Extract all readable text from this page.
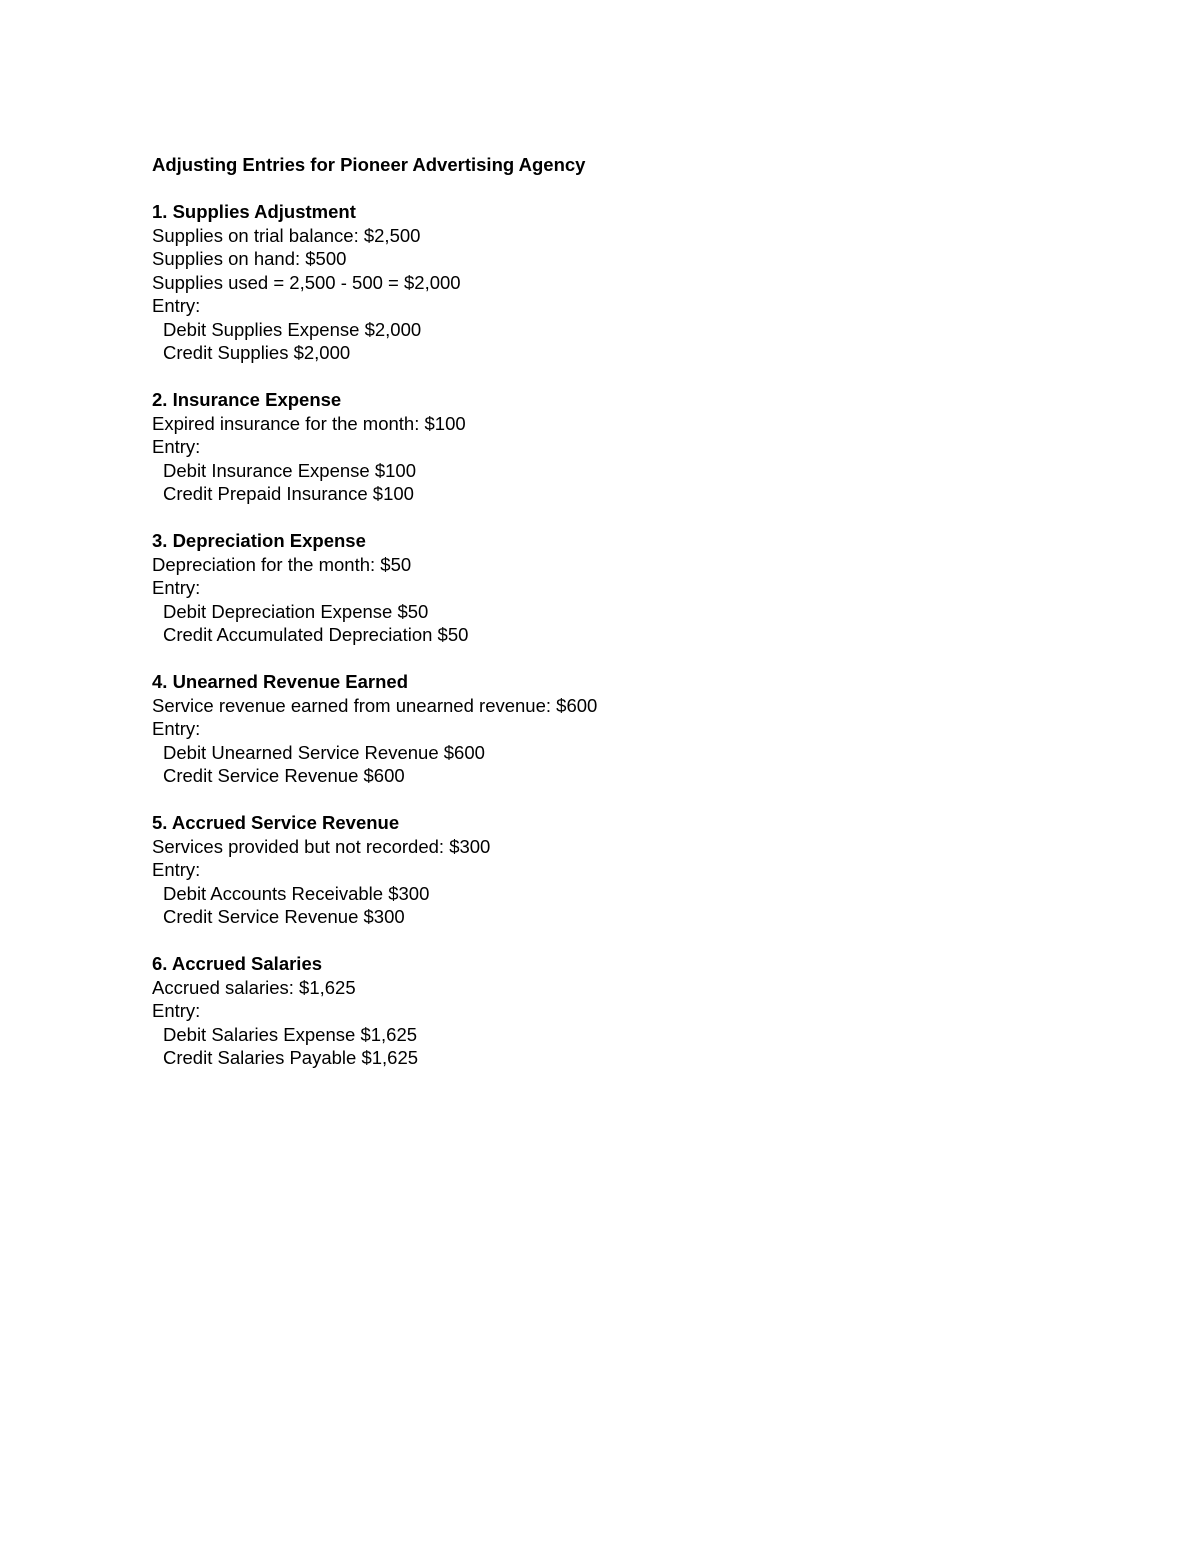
Adjusting Entries for Pioneer Advertising Agency
1. Supplies Adjustment
Supplies on trial balance: $2,500
Supplies on hand: $500
Supplies used = 2,500 - 500 = $2,000
Entry:
Debit Supplies Expense $2,000
Credit Supplies $2,000
2. Insurance Expense
Expired insurance for the month: $100
Entry:
Debit Insurance Expense $100
Credit Prepaid Insurance $100
3. Depreciation Expense
Depreciation for the month: $50
Entry:
Debit Depreciation Expense $50
Credit Accumulated Depreciation $50
4. Unearned Revenue Earned
Service revenue earned from unearned revenue: $600
Entry:
Debit Unearned Service Revenue $600
Credit Service Revenue $600
5. Accrued Service Revenue
Services provided but not recorded: $300
Entry:
Debit Accounts Receivable $300
Credit Service Revenue $300
6. Accrued Salaries
Accrued salaries: $1,625
Entry:
Debit Salaries Expense $1,625
Credit Salaries Payable $1,625
